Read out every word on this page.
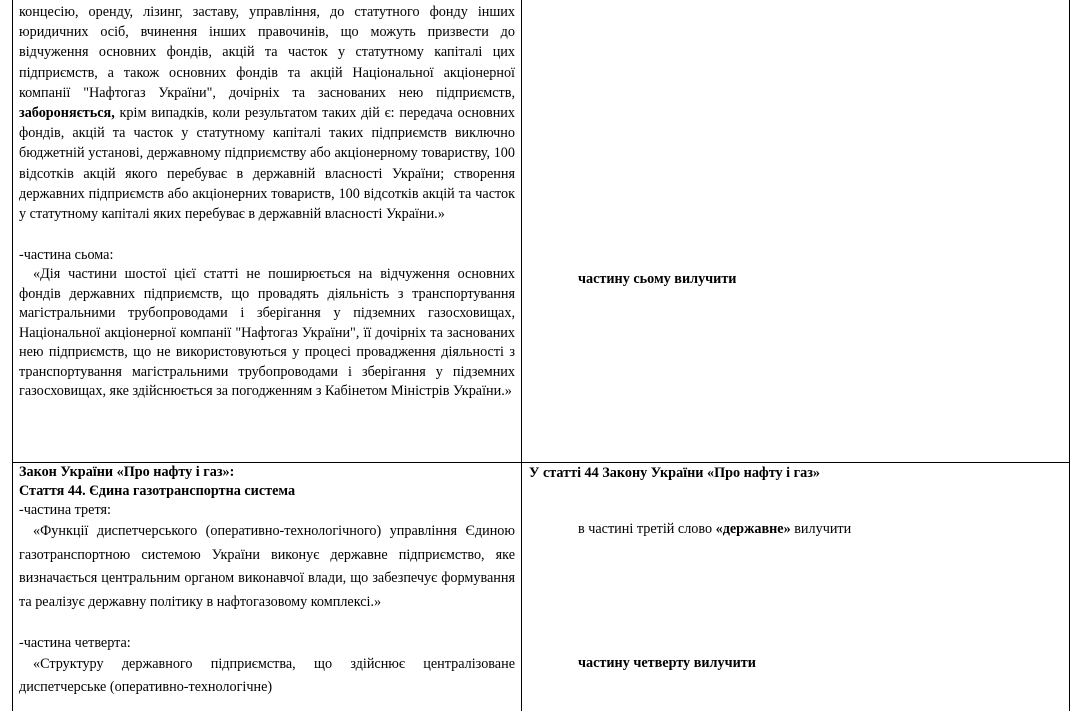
концесію, оренду, лізинг, заставу, управління, до статутного фонду інших юридичних осіб, вчинення інших правочинів, що можуть призвести до відчуження основних фондів, акцій та часток у статутному капіталі цих підприємств, а також основних фондів та акцій Національної акціонерної компанії "Нафтогаз України", дочірніх та заснованих нею підприємств, забороняється, крім випадків, коли результатом таких дій є: передача основних фондів, акцій та часток у статутному капіталі таких підприємств виключно бюджетній установі, державному підприємству або акціонерному товариству, 100 відсотків акцій якого перебуває в державній власності України; створення державних підприємств або акціонерних товариств, 100 відсотків акцій та часток у статутному капіталі яких перебуває в державній власності України.»

-частина сьома:

«Дія частини шостої цієї статті не поширюється на відчуження основних фондів державних підприємств, що провадять діяльність з транспортування магістральними трубопроводами і зберігання у підземних газосховищах, Національної акціонерної компанії "Нафтогаз України", її дочірніх та заснованих нею підприємств, що не використовуються у процесі провадження діяльності з транспортування магістральними трубопроводами і зберігання у підземних газосховищах, яке здійснюється за погодженням з Кабінетом Міністрів України.»

частину сьому вилучити

Закон України «Про нафту і газ»:

Стаття 44. Єдина газотранспортна система

-частина третя:

«Функції диспетчерського (оперативно-технологічного) управління Єдиною газотранспортною системою України виконує державне підприємство, яке визначається центральним органом виконавчої влади, що забезпечує формування та реалізує державну політику в нафтогазовому комплексі.»

-частина четверта:

«Структуру державного підприємства, що здійснює централізоване диспетчерське (оперативно-технологічне)

У статті 44 Закону України «Про нафту і газ»
в частині третій слово «державне» вилучити
частину четверту вилучити
